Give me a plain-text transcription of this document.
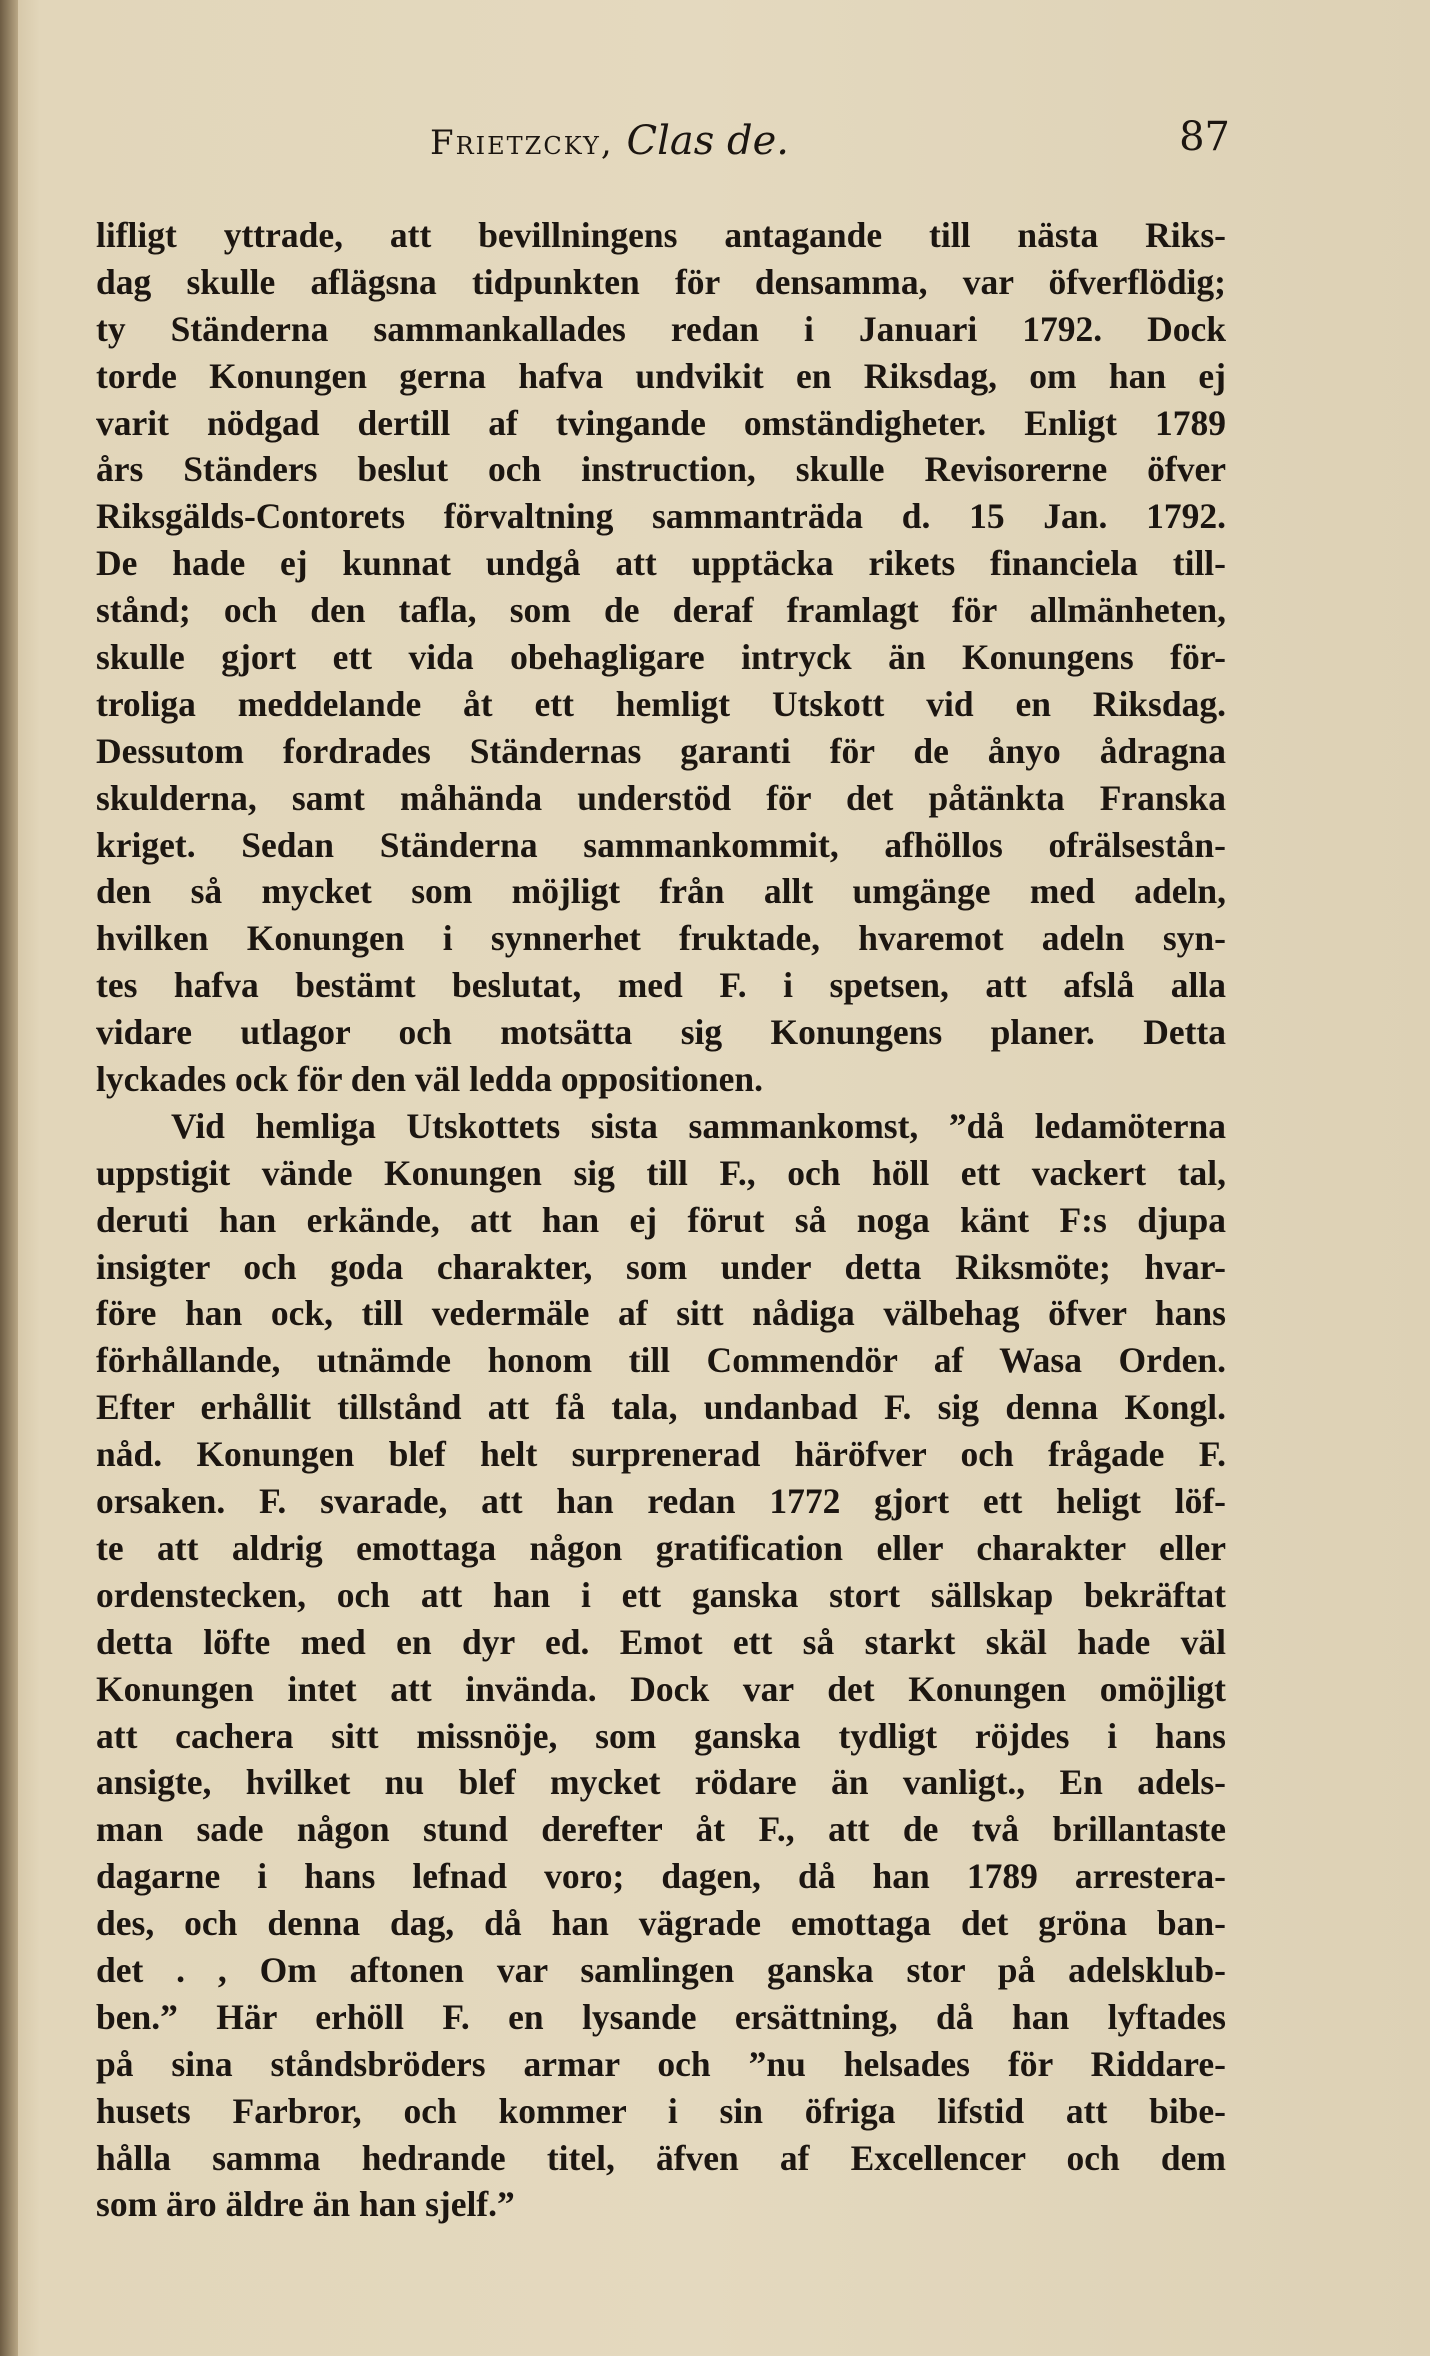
Frietzcky, Clas de.	87
lifligt yttrade, att bevillningens antagande till nästa Riks-
dag skulle aflägsna tidpunkten för densamma, var öfverflödig;
ty Ständerna sammankallades redan i Januari 1792. Dock
torde Konungen gerna hafva undvikit en Riksdag, om han ej
varit nödgad dertill af tvingande omständigheter. Enligt 1789
års Ständers beslut och instruction, skulle Revisorerne öfver
Riksgälds-Contorets förvaltning sammanträda d. 15 Jan. 1792.
De hade ej kunnat undgå att upptäcka rikets financiela till-
stånd; och den tafla, som de deraf framlagt för allmänheten,
skulle gjort ett vida obehagligare intryck än Konungens för-
troliga meddelande åt ett hemligt Utskott vid en Riksdag.
Dessutom fordrades Ständernas garanti för de ånyo ådragna
skulderna, samt måhända understöd för det påtänkta Franska
kriget. Sedan Ständerna sammankommit, afhöllos ofrälsestån-
den så mycket som möjligt från allt umgänge med adeln,
hvilken Konungen i synnerhet fruktade, hvaremot adeln syn-
tes hafva bestämt beslutat, med F. i spetsen, att afslå alla
vidare utlagor och motsätta sig Konungens planer. Detta
lyckades ock för den väl ledda oppositionen.
Vid hemliga Utskottets sista sammankomst, ”då ledamöterna
uppstigit vände Konungen sig till F., och höll ett vackert tal,
deruti han erkände, att han ej förut så noga känt F:s djupa
insigter och goda charakter, som under detta Riksmöte; hvar-
före han ock, till vedermäle af sitt nådiga välbehag öfver hans
förhållande, utnämde honom till Commendör af Wasa Orden.
Efter erhållit tillstånd att få tala, undanbad F. sig denna Kongl.
nåd. Konungen blef helt surprenerad häröfver och frågade F.
orsaken. F. svarade, att han redan 1772 gjort ett heligt löf-
te att aldrig emottaga någon gratification eller charakter eller
ordenstecken, och att han i ett ganska stort sällskap bekräftat
detta löfte med en dyr ed. Emot ett så starkt skäl hade väl
Konungen intet att invända. Dock var det Konungen omöjligt
att cachera sitt missnöje, som ganska tydligt röjdes i hans
ansigte, hvilket nu blef mycket rödare än vanligt., En adels-
man sade någon stund derefter åt F., att de två brillantaste
dagarne i hans lefnad voro; dagen, då han 1789 arrestera-
des, och denna dag, då han vägrade emottaga det gröna ban-
det . , Om aftonen var samlingen ganska stor på adelsklub-
ben.” Här erhöll F. en lysande ersättning, då han lyftades
på sina ståndsbröders armar och ”nu helsades för Riddare-
husets Farbror, och kommer i sin öfriga lifstid att bibe-
hålla samma hedrande titel, äfven af Excellencer och dem
som äro äldre än han sjelf.”
